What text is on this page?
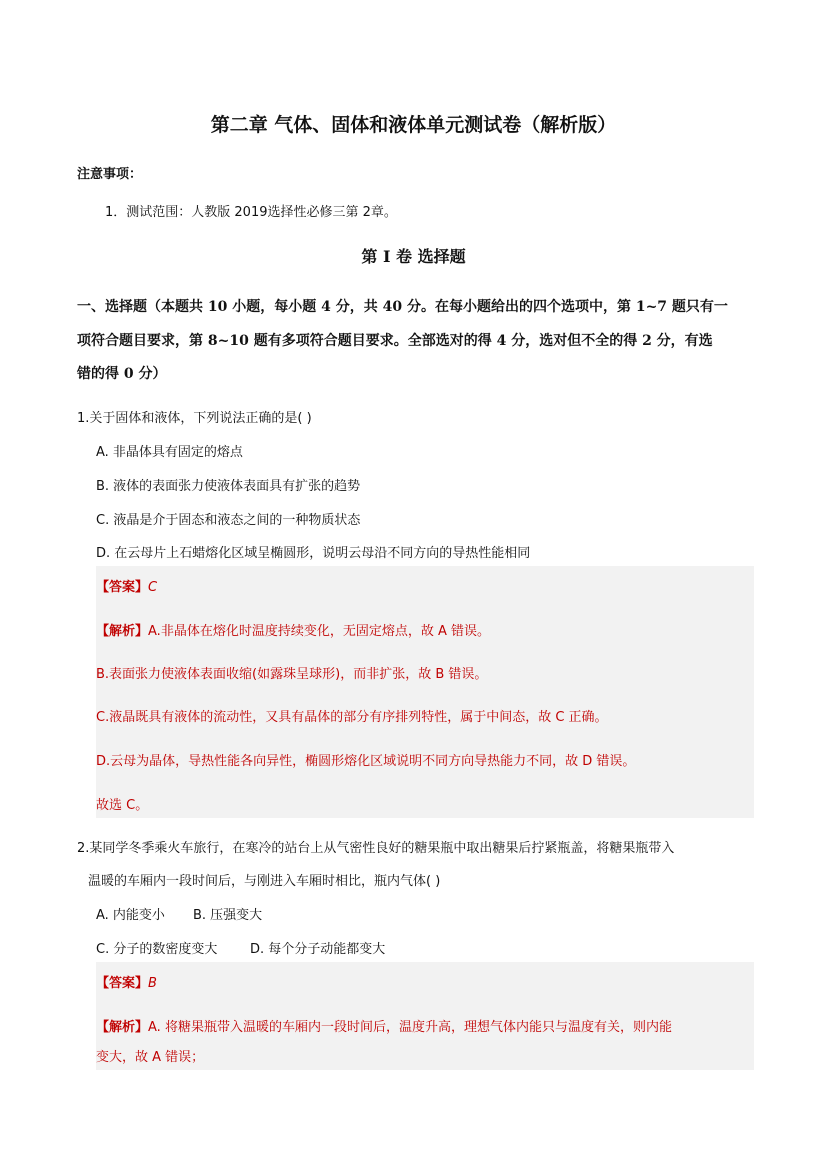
第二章 气体、固体和液体单元测试卷（解析版）
注意事项：
1．测试范围：人教版 2019选择性必修三第 2章。
第 I 卷 选择题
一、选择题（本题共 10 小题，每小题 4 分，共 40 分。在每小题给出的四个选项中，第 1~7 题只有一
项符合题目要求，第 8~10 题有多项符合题目要求。全部选对的得 4 分，选对但不全的得 2 分，有选
错的得 0 分）
1.关于固体和液体，下列说法正确的是( )
A. 非晶体具有固定的熔点
B. 液体的表面张力使液体表面具有扩张的趋势
C. 液晶是介于固态和液态之间的一种物质状态
D. 在云母片上石蜡熔化区域呈椭圆形，说明云母沿不同方向的导热性能相同
【答案】C
【解析】A.非晶体在熔化时温度持续变化，无固定熔点，故 A 错误。
B.表面张力使液体表面收缩(如露珠呈球形)，而非扩张，故 B 错误。
C.液晶既具有液体的流动性，又具有晶体的部分有序排列特性，属于中间态，故 C 正确。
D.云母为晶体，导热性能各向异性，椭圆形熔化区域说明不同方向导热能力不同，故 D 错误。
故选 C。
2.某同学冬季乘火车旅行，在寒冷的站台上从气密性良好的糖果瓶中取出糖果后拧紧瓶盖，将糖果瓶带入
温暖的车厢内一段时间后，与刚进入车厢时相比，瓶内气体( )
A. 内能变小 B. 压强变大
C. 分子的数密度变大	D. 每个分子动能都变大
【答案】B
【解析】A. 将糖果瓶带入温暖的车厢内一段时间后，温度升高，理想气体内能只与温度有关，则内能
变大，故 A 错误；
